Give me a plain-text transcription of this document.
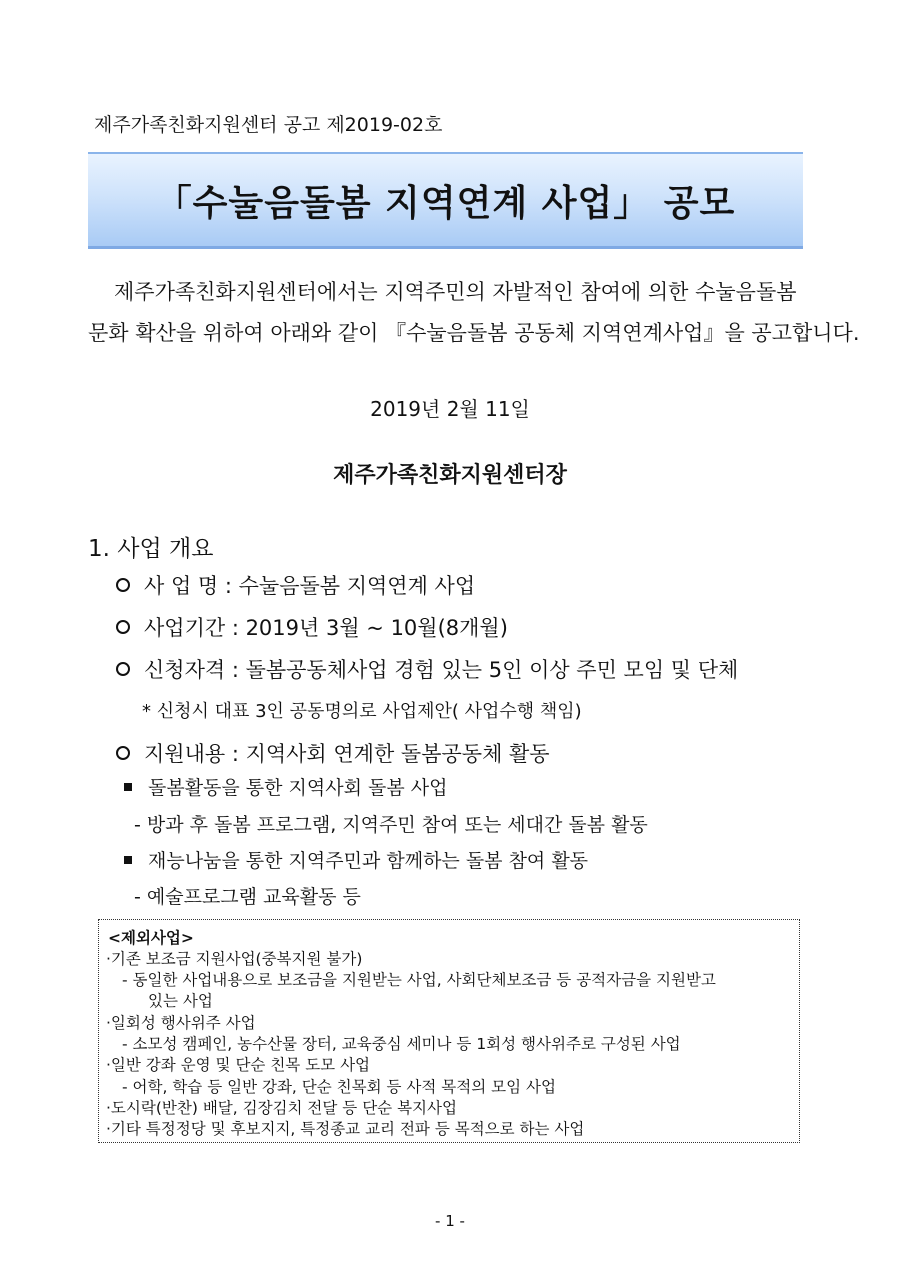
제주가족친화지원센터 공고 제2019-02호
「수눌음돌봄 지역연계 사업」 공모
제주가족친화지원센터에서는 지역주민의 자발적인 참여에 의한 수눌음돌봄
문화 확산을 위하여 아래와 같이 『수눌음돌봄 공동체 지역연계사업』을 공고합니다.
2019년 2월 11일
제주가족친화지원센터장
1. 사업 개요
사 업 명 : 수눌음돌봄 지역연계 사업
사업기간 : 2019년 3월 ~ 10월(8개월)
신청자격 : 돌봄공동체사업 경험 있는 5인 이상 주민 모임 및 단체
* 신청시 대표 3인 공동명의로 사업제안( 사업수행 책임)
지원내용 : 지역사회 연계한 돌봄공동체 활동
돌봄활동을 통한 지역사회 돌봄 사업
- 방과 후 돌봄 프로그램, 지역주민 참여 또는 세대간 돌봄 활동
재능나눔을 통한 지역주민과 함께하는 돌봄 참여 활동
- 예술프로그램 교육활동 등
<제외사업>
·기존 보조금 지원사업(중복지원 불가)
- 동일한 사업내용으로 보조금을 지원받는 사업, 사회단체보조금 등 공적자금을 지원받고
있는 사업
·일회성 행사위주 사업
- 소모성 캠페인, 농수산물 장터, 교육중심 세미나 등 1회성 행사위주로 구성된 사업
·일반 강좌 운영 및 단순 친목 도모 사업
- 어학, 학습 등 일반 강좌, 단순 친목회 등 사적 목적의 모임 사업
·도시락(반찬) 배달, 김장김치 전달 등 단순 복지사업
·기타 특정정당 및 후보지지, 특정종교 교리 전파 등 목적으로 하는 사업
- 1 -
